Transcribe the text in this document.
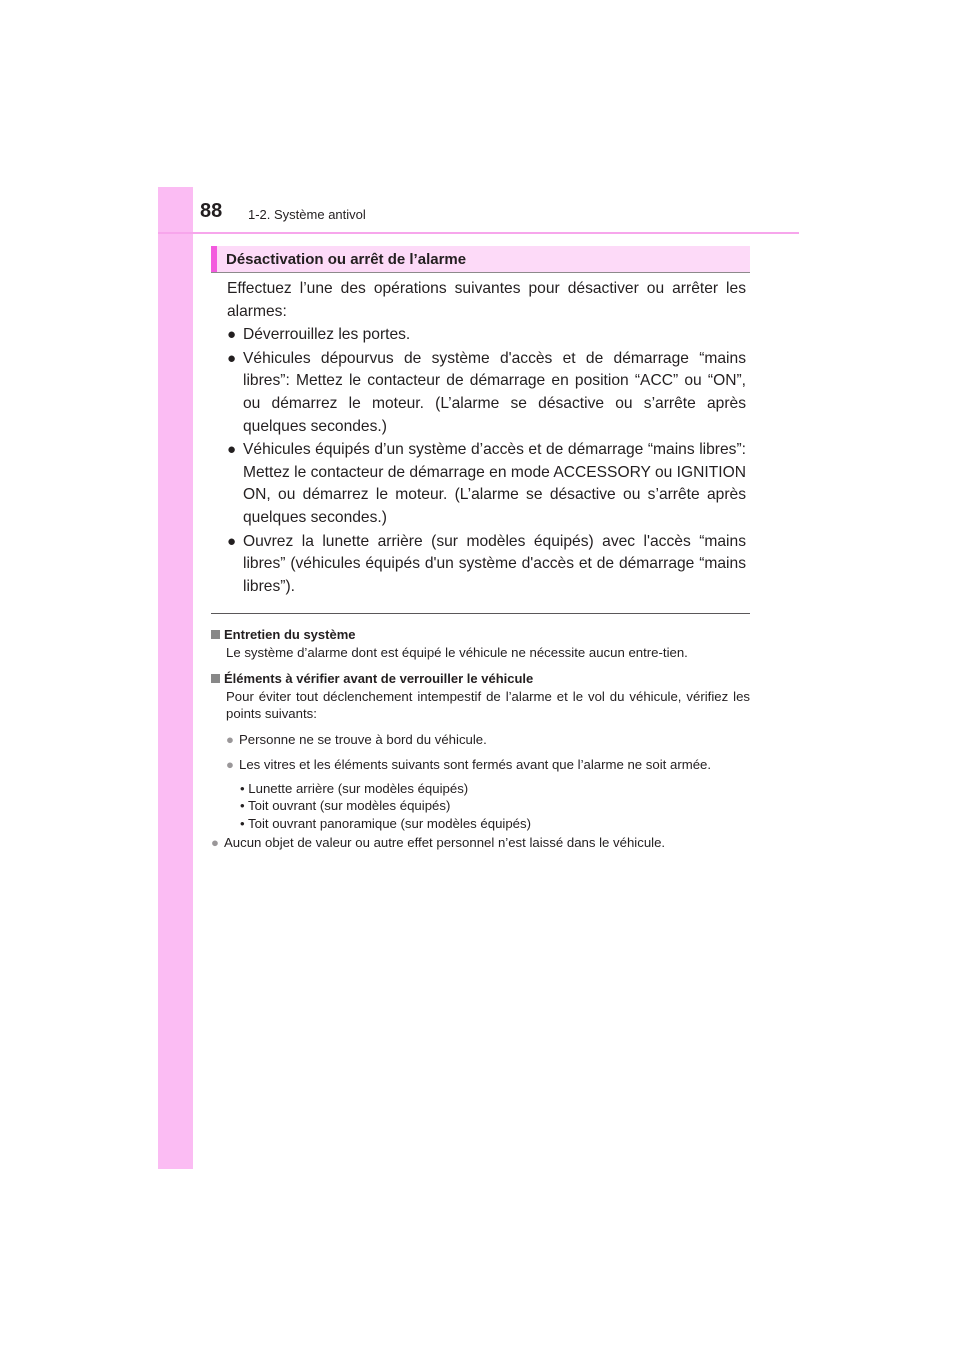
88 1-2. Système antivol
Désactivation ou arrêt de l’alarme

Effectuez l’une des opérations suivantes pour désactiver ou arrêter les alarmes:

● Déverrouillez les portes.
● Véhicules dépourvus de système d'accès et de démarrage “mains libres”: Mettez le contacteur de démarrage en position “ACC” ou “ON”, ou démarrez le moteur. (L’alarme se désactive ou s’arrête après quelques secondes.)
● Véhicules équipés d’un système d’accès et de démarrage “mains libres”: Mettez le contacteur de démarrage en mode ACCESSORY ou IGNITION ON, ou démarrez le moteur. (L’alarme se désactive ou s’arrête après quelques secondes.)
● Ouvrez la lunette arrière (sur modèles équipés) avec l'accès “mains libres” (véhicules équipés d'un système d'accès et de démarrage “mains libres”).

Entretien du système

Le système d’alarme dont est équipé le véhicule ne nécessite aucun entre-tien.

Éléments à vérifier avant de verrouiller le véhicule

Pour éviter tout déclenchement intempestif de l’alarme et le vol du véhicule, vérifiez les points suivants:

● Personne ne se trouve à bord du véhicule.
● Les vitres et les éléments suivants sont fermés avant que l’alarme ne soit armée.
• Lunette arrière (sur modèles équipés)
• Toit ouvrant (sur modèles équipés)
• Toit ouvrant panoramique (sur modèles équipés)
● Aucun objet de valeur ou autre effet personnel n’est laissé dans le véhicule.
